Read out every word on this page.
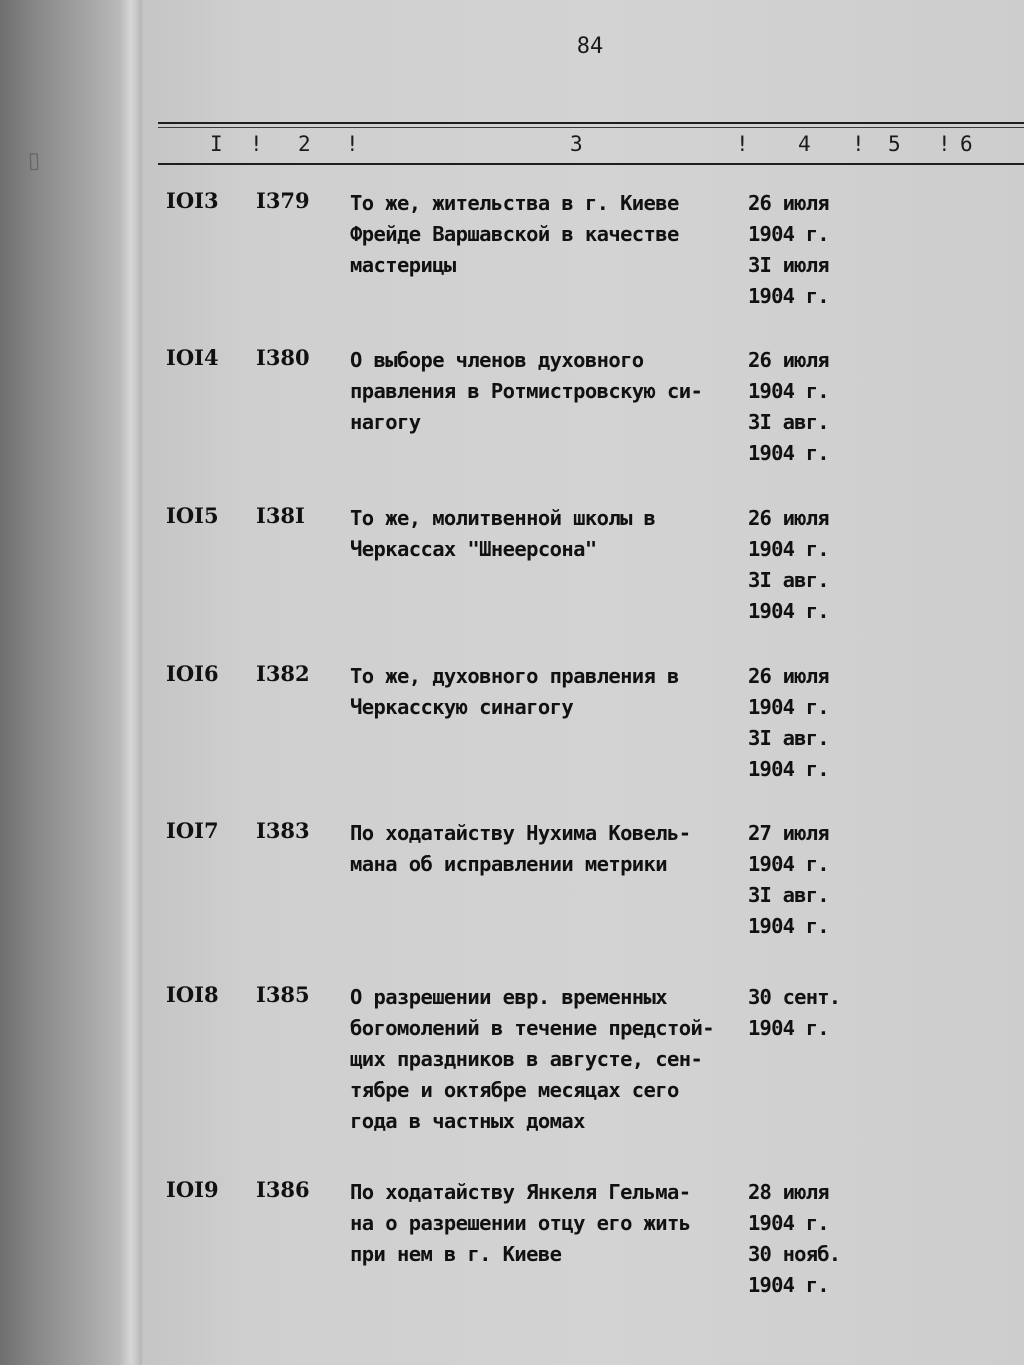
▯
84
I ! 2 !	3	! 4 ! 5 ! 6
IOI3 I379 То же, жительства в г. Киеве
Фрейде Варшавской в качестве
мастерицы
26 июля
1904 г.
3I июля
1904 г.
IOI4 I380 О выборе членов духовного
правления в Ротмистровскую си-
нагогу
26 июля
1904 г.
3I авг.
1904 г.
IOI5 I38I То же, молитвенной школы в
Черкассах "Шнеерсона"
26 июля
1904 г.
3I авг.
1904 г.
IOI6 I382 То же, духовного правления в
Черкасскую синагогу
26 июля
1904 г.
3I авг.
1904 г.
IOI7 I383 По ходатайству Нухима Ковель-
мана об исправлении метрики
27 июля
1904 г.
3I авг.
1904 г.
IOI8 I385 О разрешении евр. временных
богомолений в течение предстой-
щих праздников в августе, сен-
тябре и октябре месяцах сего
года в частных домах
30 сент.
1904 г.
IOI9 I386 По ходатайству Янкеля Гельма-
на о разрешении отцу его жить
при нем в г. Киеве
28 июля
1904 г.
30 нояб.
1904 г.
